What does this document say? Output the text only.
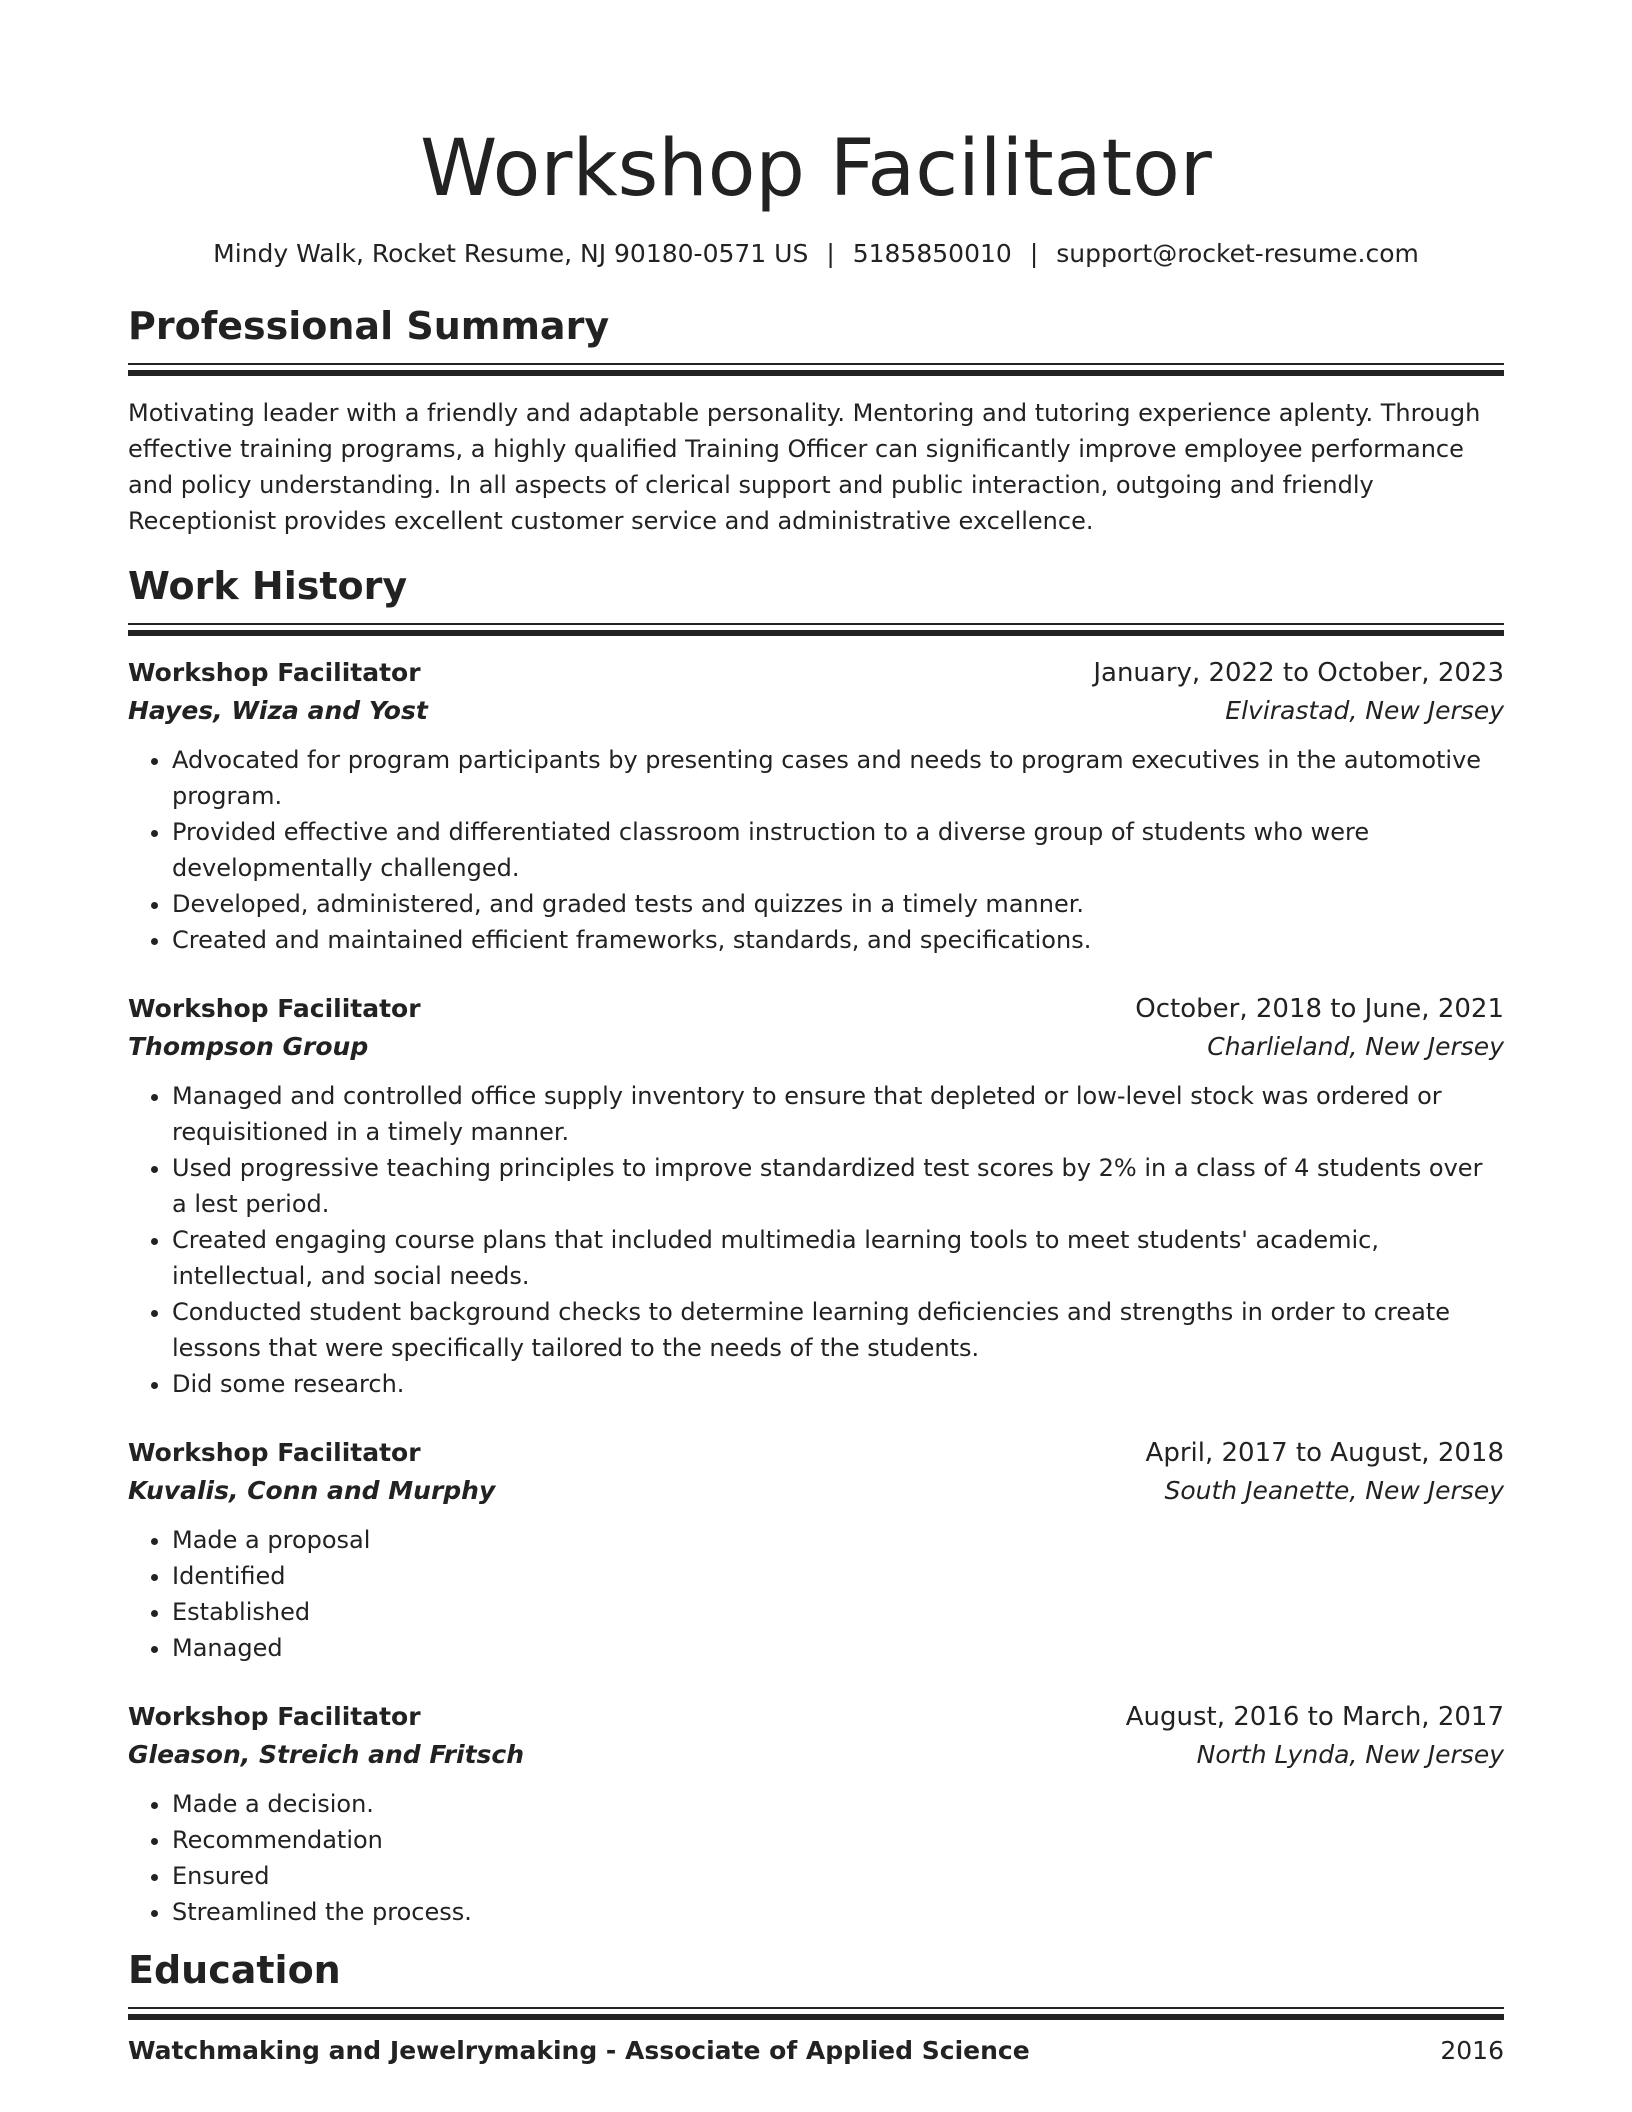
Workshop Facilitator
Mindy Walk, Rocket Resume, NJ 90180-0571 US | 5185850010 | support@rocket-resume.com
Professional Summary

Motivating leader with a friendly and adaptable personality. Mentoring and tutoring experience aplenty. Through effective training programs, a highly qualified Training Officer can significantly improve employee performance and policy understanding. In all aspects of clerical support and public interaction, outgoing and friendly Receptionist provides excellent customer service and administrative excellence.

Work History
Workshop Facilitator	January, 2022 to October, 2023
Hayes, Wiza and Yost	Elvirastad, New Jersey
• Advocated for program participants by presenting cases and needs to program executives in the automotive program.
• Provided effective and differentiated classroom instruction to a diverse group of students who were developmentally challenged.
• Developed, administered, and graded tests and quizzes in a timely manner.
• Created and maintained efficient frameworks, standards, and specifications.
Workshop Facilitator	October, 2018 to June, 2021
Thompson Group	Charlieland, New Jersey
• Managed and controlled office supply inventory to ensure that depleted or low-level stock was ordered or requisitioned in a timely manner.
• Used progressive teaching principles to improve standardized test scores by 2% in a class of 4 students over a lest period.
• Created engaging course plans that included multimedia learning tools to meet students' academic, intellectual, and social needs.
• Conducted student background checks to determine learning deficiencies and strengths in order to create lessons that were specifically tailored to the needs of the students.
• Did some research.
Workshop Facilitator	April, 2017 to August, 2018
Kuvalis, Conn and Murphy	South Jeanette, New Jersey
• Made a proposal
• Identified
• Established
• Managed
Workshop Facilitator	August, 2016 to March, 2017
Gleason, Streich and Fritsch	North Lynda, New Jersey
• Made a decision.
• Recommendation
• Ensured
• Streamlined the process.
Education
Watchmaking and Jewelrymaking - Associate of Applied Science	2016
